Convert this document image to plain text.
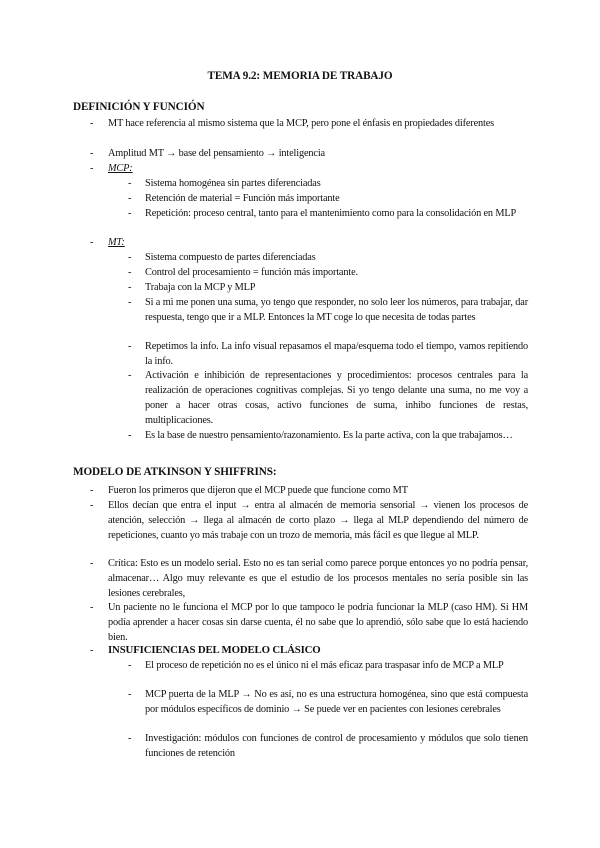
TEMA 9.2: MEMORIA DE TRABAJO
DEFINICIÓN Y FUNCIÓN
- MT hace referencia al mismo sistema que la MCP, pero pone el énfasis en propiedades diferentes
- Amplitud MT → base del pensamiento → inteligencia
- MCP:
- Sistema homogénea sin partes diferenciadas
- Retención de material = Función más importante
- Repetición: proceso central, tanto para el mantenimiento como para la consolidación en MLP
- MT:
- Sistema compuesto de partes diferenciadas
- Control del procesamiento = función más importante.
- Trabaja con la MCP y MLP
- Si a mi me ponen una suma, yo tengo que responder, no solo leer los números, para trabajar, dar respuesta, tengo que ir a MLP. Entonces la MT coge lo que necesita de todas partes
- Repetimos la info. La info visual repasamos el mapa/esquema todo el tiempo, vamos repitiendo la info.
- Activación e inhibición de representaciones y procedimientos: procesos centrales para la realización de operaciones cognitivas complejas. Si yo tengo delante una suma, no me voy a poner a hacer otras cosas, activo funciones de suma, inhibo funciones de restas, multiplicaciones.
- Es la base de nuestro pensamiento/razonamiento. Es la parte activa, con la que trabajamos…
MODELO DE ATKINSON Y SHIFFRINS:
- Fueron los primeros que dijeron que el MCP puede que funcione como MT
- Ellos decían que entra el input → entra al almacén de memoria sensorial → vienen los procesos de atención, selección → llega al almacén de corto plazo → llega al MLP dependiendo del número de repeticiones, cuanto yo más trabaje con un trozo de memoria, más fácil es que llegue al MLP.
- Crítica: Esto es un modelo serial. Esto no es tan serial como parece porque entonces yo no podría pensar, almacenar… Algo muy relevante es que el estudio de los procesos mentales no sería posible sin las lesiones cerebrales,
- Un paciente no le funciona el MCP por lo que tampoco le podría funcionar la MLP (caso HM). Si HM podía aprender a hacer cosas sin darse cuenta, él no sabe que lo aprendió, sólo sabe que lo está haciendo bien.
- INSUFICIENCIAS DEL MODELO CLÁSICO
- El proceso de repetición no es el único ni el más eficaz para traspasar info de MCP a MLP
- MCP puerta de la MLP → No es así, no es una estructura homogénea, sino que está compuesta por módulos específicos de dominio → Se puede ver en pacientes con lesiones cerebrales
- Investigación: módulos con funciones de control de procesamiento y módulos que solo tienen funciones de retención
